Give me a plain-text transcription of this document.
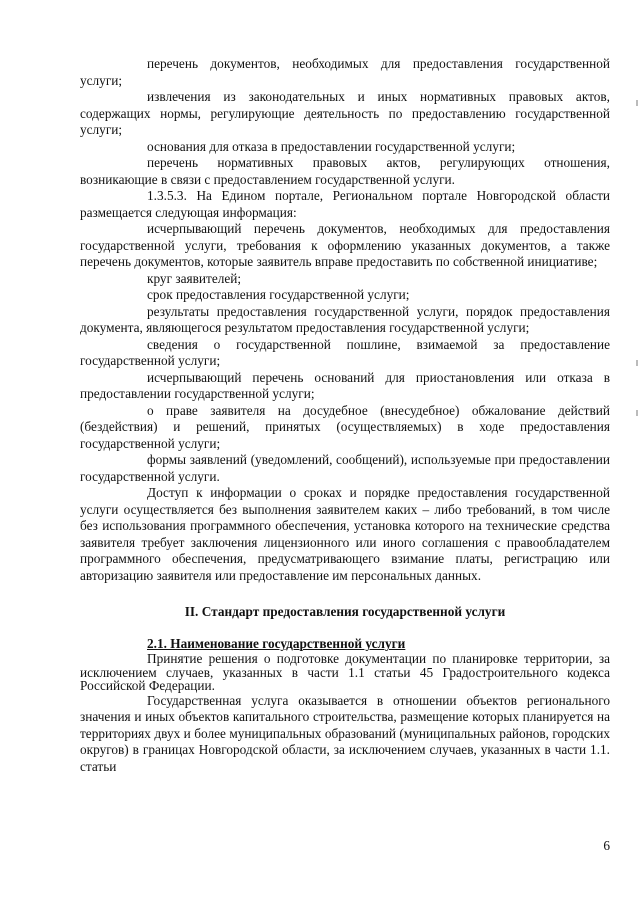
перечень документов, необходимых для предоставления государственной услуги;

извлечения из законодательных и иных нормативных правовых актов, содержащих нормы, регулирующие деятельность по предоставлению государственной услуги;

основания для отказа в предоставлении государственной услуги;

перечень нормативных правовых актов, регулирующих отношения, возникающие в связи с предоставлением государственной услуги.

1.3.5.3. На Едином портале, Региональном портале Новгородской области размещается следующая информация:

исчерпывающий перечень документов, необходимых для предоставления государственной услуги, требования к оформлению указанных документов, а также перечень документов, которые заявитель вправе предоставить по собственной инициативе;

круг заявителей;

срок предоставления государственной услуги;

результаты предоставления государственной услуги, порядок предоставления документа, являющегося результатом предоставления государственной услуги;

сведения о государственной пошлине, взимаемой за предоставление государственной услуги;

исчерпывающий перечень оснований для приостановления или отказа в предоставлении государственной услуги;

о праве заявителя на досудебное (внесудебное) обжалование действий (бездействия) и решений, принятых (осуществляемых) в ходе предоставления государственной услуги;

формы заявлений (уведомлений, сообщений), используемые при предоставлении государственной услуги.

Доступ к информации о сроках и порядке предоставления государственной услуги осуществляется без выполнения заявителем каких – либо требований, в том числе без использования программного обеспечения, установка которого на технические средства заявителя требует заключения лицензионного или иного соглашения с правообладателем программного обеспечения, предусматривающего взимание платы, регистрацию или авторизацию заявителя или предоставление им персональных данных.

II. Стандарт предоставления государственной услуги
2.1. Наименование государственной услуги

Принятие решения о подготовке документации по планировке территории, за исключением случаев, указанных в части 1.1 статьи 45 Градостроительного кодекса Российской Федерации.

Государственная услуга оказывается в отношении объектов регионального значения и иных объектов капитального строительства, размещение которых планируется на территориях двух и более муниципальных образований (муниципальных районов, городских округов) в границах Новгородской области, за исключением случаев, указанных в части 1.1. статьи

6
